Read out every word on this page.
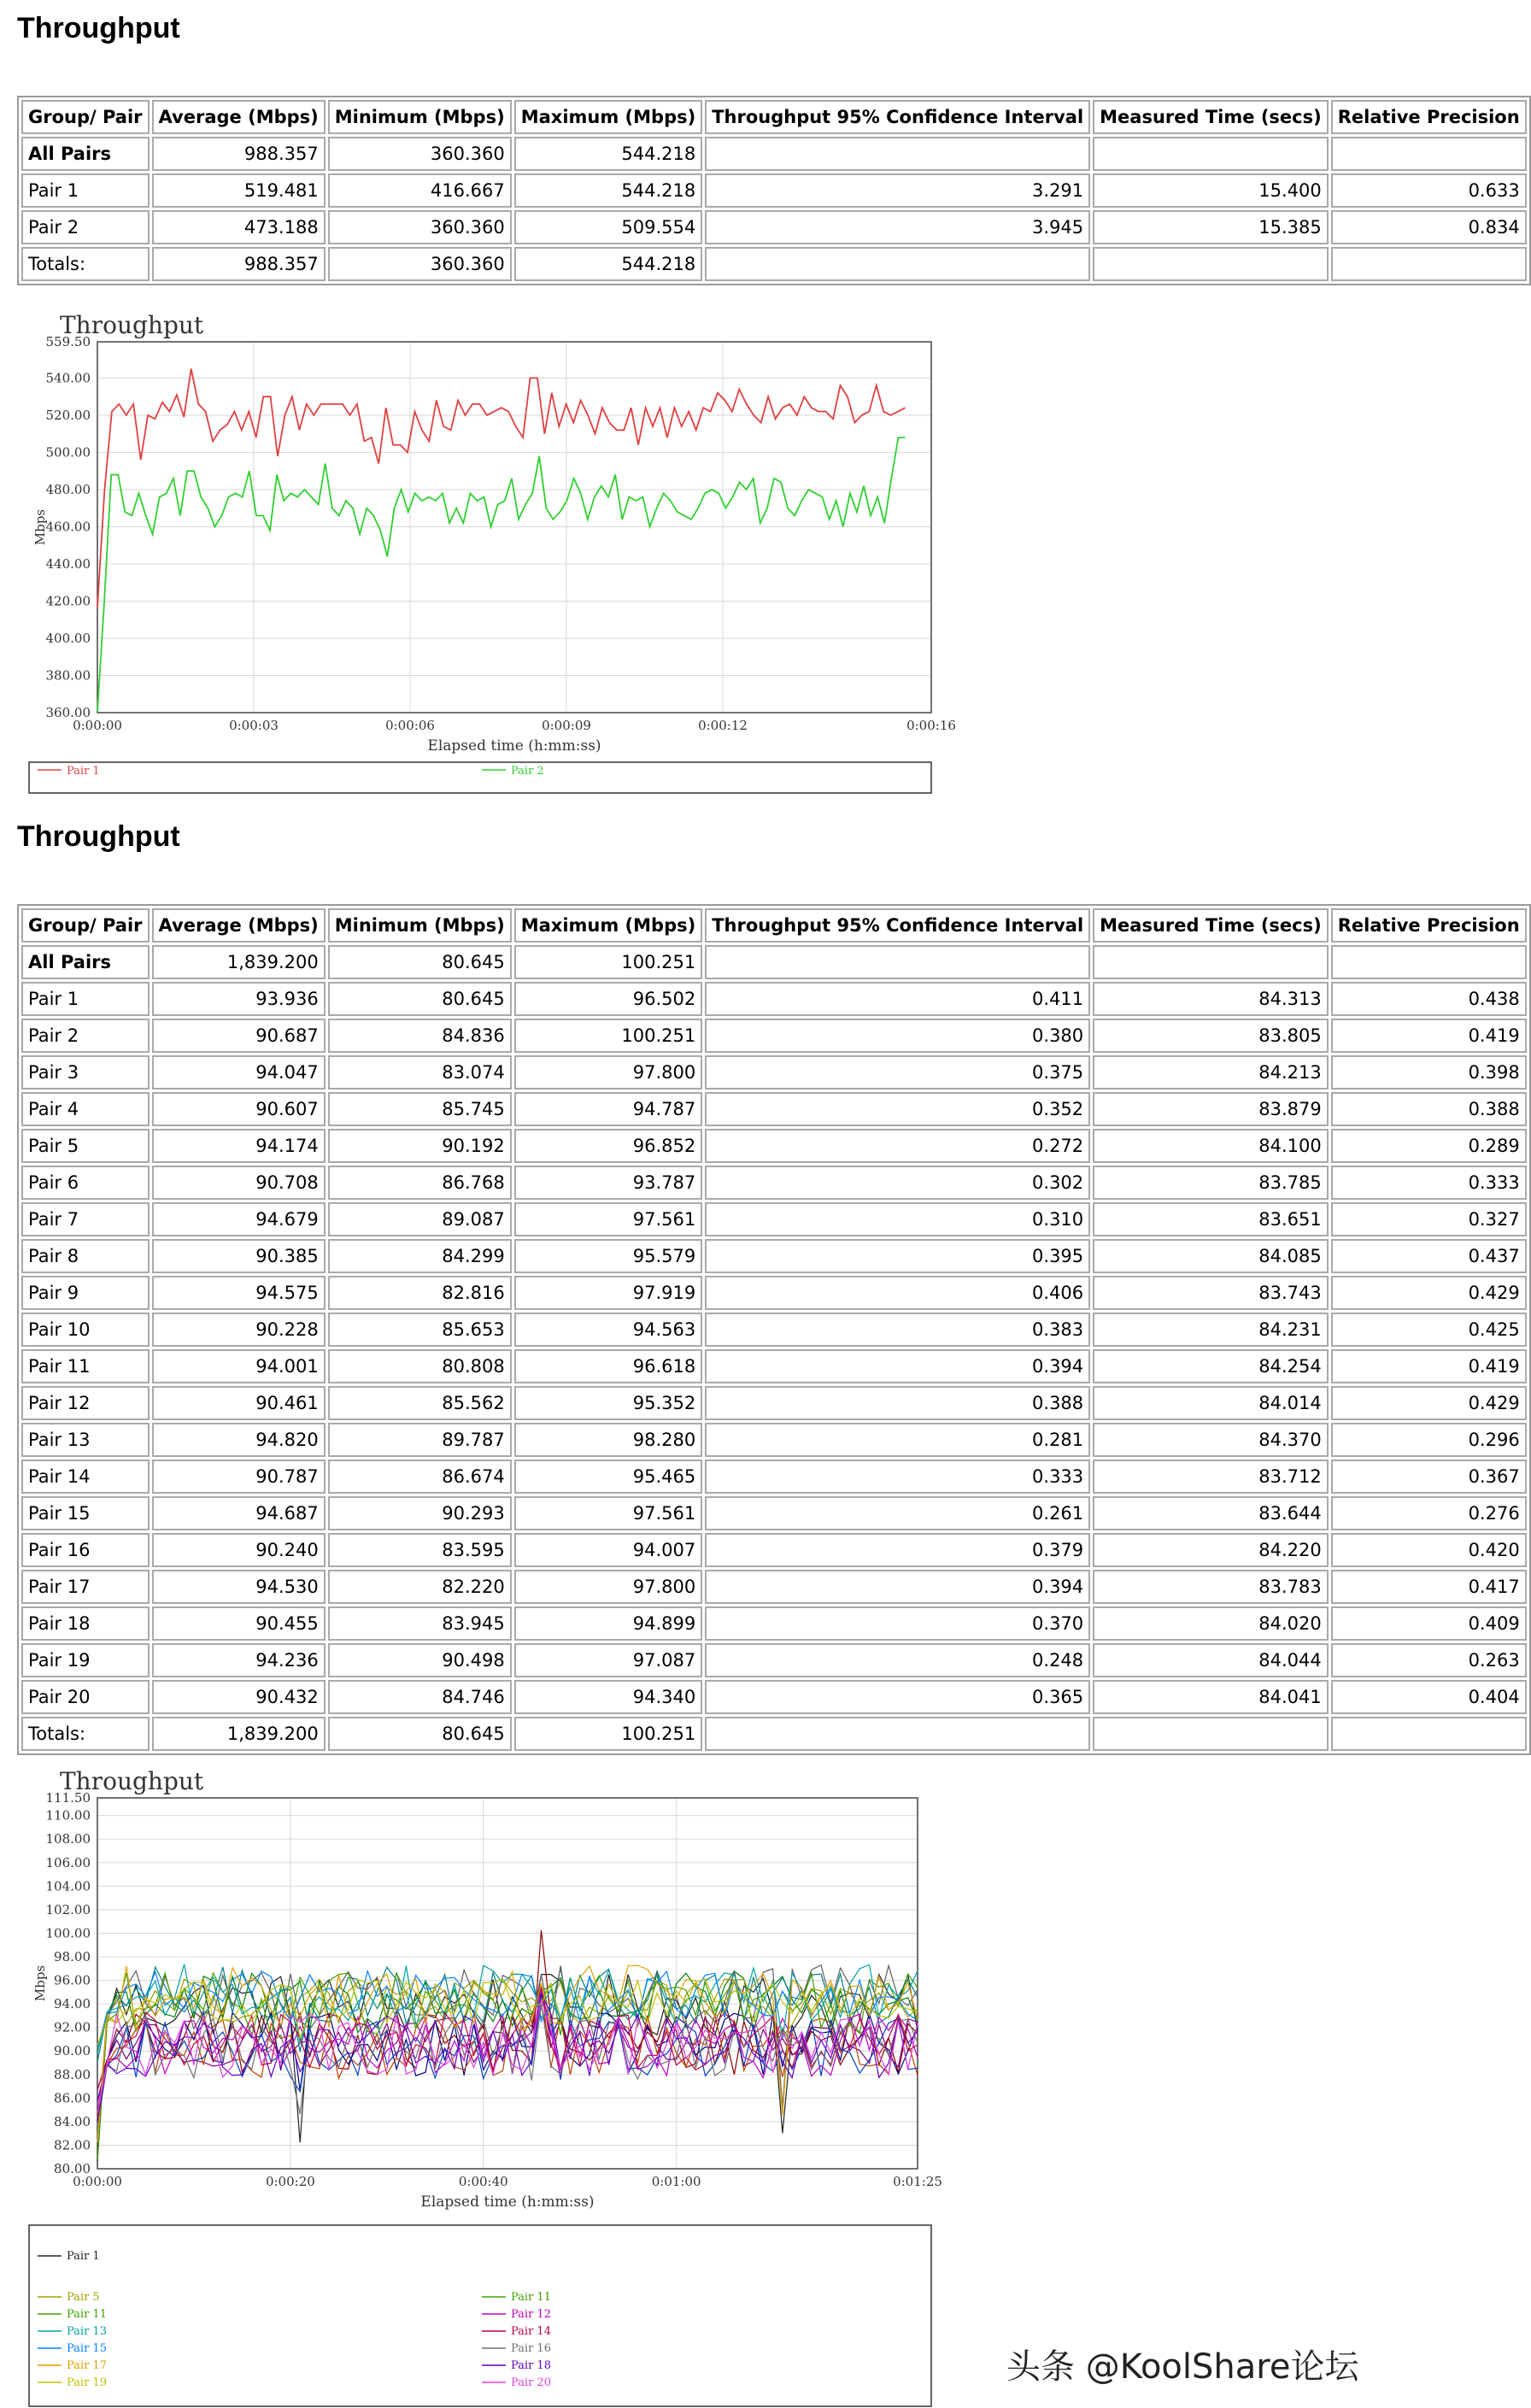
Throughput
Group/ Pair	Average (Mbps)	Minimum (Mbps)	Maximum (Mbps)	Throughput 95% Confidence Interval	Measured Time (secs)	Relative Precision
All Pairs	988.357	360.360	544.218			
Pair 1	519.481	416.667	544.218	3.291	15.400	0.633
Pair 2	473.188	360.360	509.554	3.945	15.385	0.834
Totals:	988.357	360.360	544.218			
Throughput
559.50
540.00
520.00
500.00
480.00
460.00
440.00
420.00
400.00
380.00
360.00
0:00:00	0:00:03	0:00:06	0:00:09	0:00:12	0:00:16
Elapsed time (h:mm:ss)
Mbps
Pair 1	Pair 2
Throughput
Group/ Pair	Average (Mbps)	Minimum (Mbps)	Maximum (Mbps)	Throughput 95% Confidence Interval	Measured Time (secs)	Relative Precision
All Pairs	1,839.200	80.645	100.251			
Pair 1	93.936	80.645	96.502	0.411	84.313	0.438
Pair 2	90.687	84.836	100.251	0.380	83.805	0.419
Pair 3	94.047	83.074	97.800	0.375	84.213	0.398
Pair 4	90.607	85.745	94.787	0.352	83.879	0.388
Pair 5	94.174	90.192	96.852	0.272	84.100	0.289
Pair 6	90.708	86.768	93.787	0.302	83.785	0.333
Pair 7	94.679	89.087	97.561	0.310	83.651	0.327
Pair 8	90.385	84.299	95.579	0.395	84.085	0.437
Pair 9	94.575	82.816	97.919	0.406	83.743	0.429
Pair 10	90.228	85.653	94.563	0.383	84.231	0.425
Pair 11	94.001	80.808	96.618	0.394	84.254	0.419
Pair 12	90.461	85.562	95.352	0.388	84.014	0.429
Pair 13	94.820	89.787	98.280	0.281	84.370	0.296
Pair 14	90.787	86.674	95.465	0.333	83.712	0.367
Pair 15	94.687	90.293	97.561	0.261	83.644	0.276
Pair 16	90.240	83.595	94.007	0.379	84.220	0.420
Pair 17	94.530	82.220	97.800	0.394	83.783	0.417
Pair 18	90.455	83.945	94.899	0.370	84.020	0.409
Pair 19	94.236	90.498	97.087	0.248	84.044	0.263
Pair 20	90.432	84.746	94.340	0.365	84.041	0.404
Totals:	1,839.200	80.645	100.251			
Throughput
111.50
110.00
108.00
106.00
104.00
102.00
100.00
98.00
96.00
94.00
92.00
90.00
88.00
86.00
84.00
82.00
80.00
0:00:00	0:00:20	0:00:40	0:01:00	0:01:25
Elapsed time (h:mm:ss)
Mbps
Pair 1
Pair 5
Pair 11
Pair 13
Pair 15
Pair 17
Pair 19
Pair 11
Pair 12
Pair 14
Pair 16
Pair 18
Pair 20	头条 @KoolShare论坛
